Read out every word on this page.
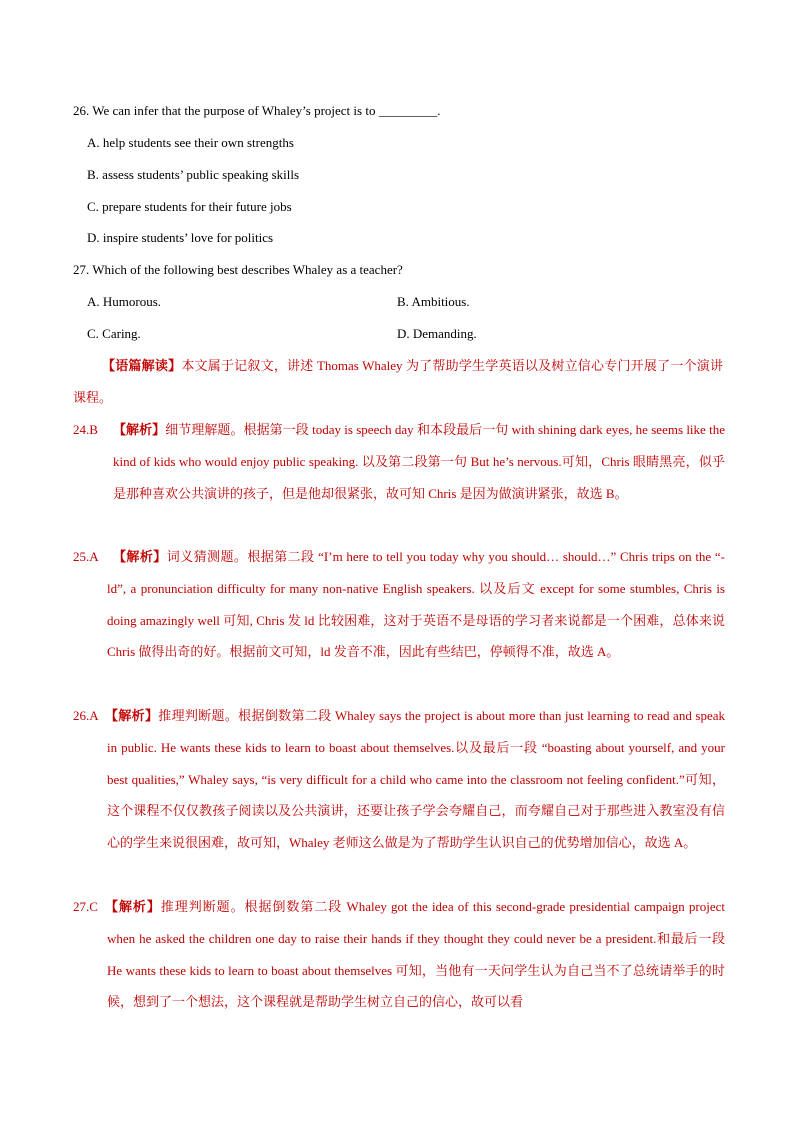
26. We can infer that the purpose of Whaley’s project is to _________.
A. help students see their own strengths
B. assess students’ public speaking skills
C. prepare students for their future jobs
D. inspire students’ love for politics
27. Which of the following best describes Whaley as a teacher?
A. Humorous.	B. Ambitious.
C. Caring.	D. Demanding.
【语篇解读】本文属于记叙文，讲述 Thomas Whaley 为了帮助学生学英语以及树立信心专门开展了一个演讲课程。
24.B 【解析】细节理解题。根据第一段 today is speech day 和本段最后一句 with shining dark eyes, he seems like the kind of kids who would enjoy public speaking. 以及第二段第一句 But he’s nervous.可知，Chris 眼睛黑亮，似乎是那种喜欢公共演讲的孩子，但是他却很紧张，故可知 Chris 是因为做演讲紧张，故选 B。
25.A	【解析】词义猜测题。根据第二段 “I’m here to tell you today why you should… should…” Chris trips on the “-ld”, a pronunciation difficulty for many non-native English speakers. 以及后文 except for some stumbles, Chris is doing amazingly well 可知, Chris 发 ld 比较困难，这对于英语不是母语的学习者来说都是一个困难，总体来说 Chris 做得出奇的好。根据前文可知，ld 发音不准，因此有些结巴，停顿得不准，故选 A。
26.A 【解析】推理判断题。根据倒数第二段 Whaley says the project is about more than just learning to read and speak in public. He wants these kids to learn to boast about themselves.以及最后一段 “boasting about yourself, and your best qualities,” Whaley says, “is very difficult for a child who came into the classroom not feeling confident.”可知，这个课程不仅仅教孩子阅读以及公共演讲，还要让孩子学会夸耀自己，而夸耀自己对于那些进入教室没有信心的学生来说很困难，故可知，Whaley 老师这么做是为了帮助学生认识自己的优势增加信心，故选 A。
27.C 【解析】推理判断题。根据倒数第二段 Whaley got the idea of this second-grade presidential campaign project when he asked the children one day to raise their hands if they thought they could never be a president.和最后一段 He wants these kids to learn to boast about themselves 可知，当他有一天问学生认为自己当不了总统请举手的时候，想到了一个想法，这个课程就是帮助学生树立自己的信心，故可以看
